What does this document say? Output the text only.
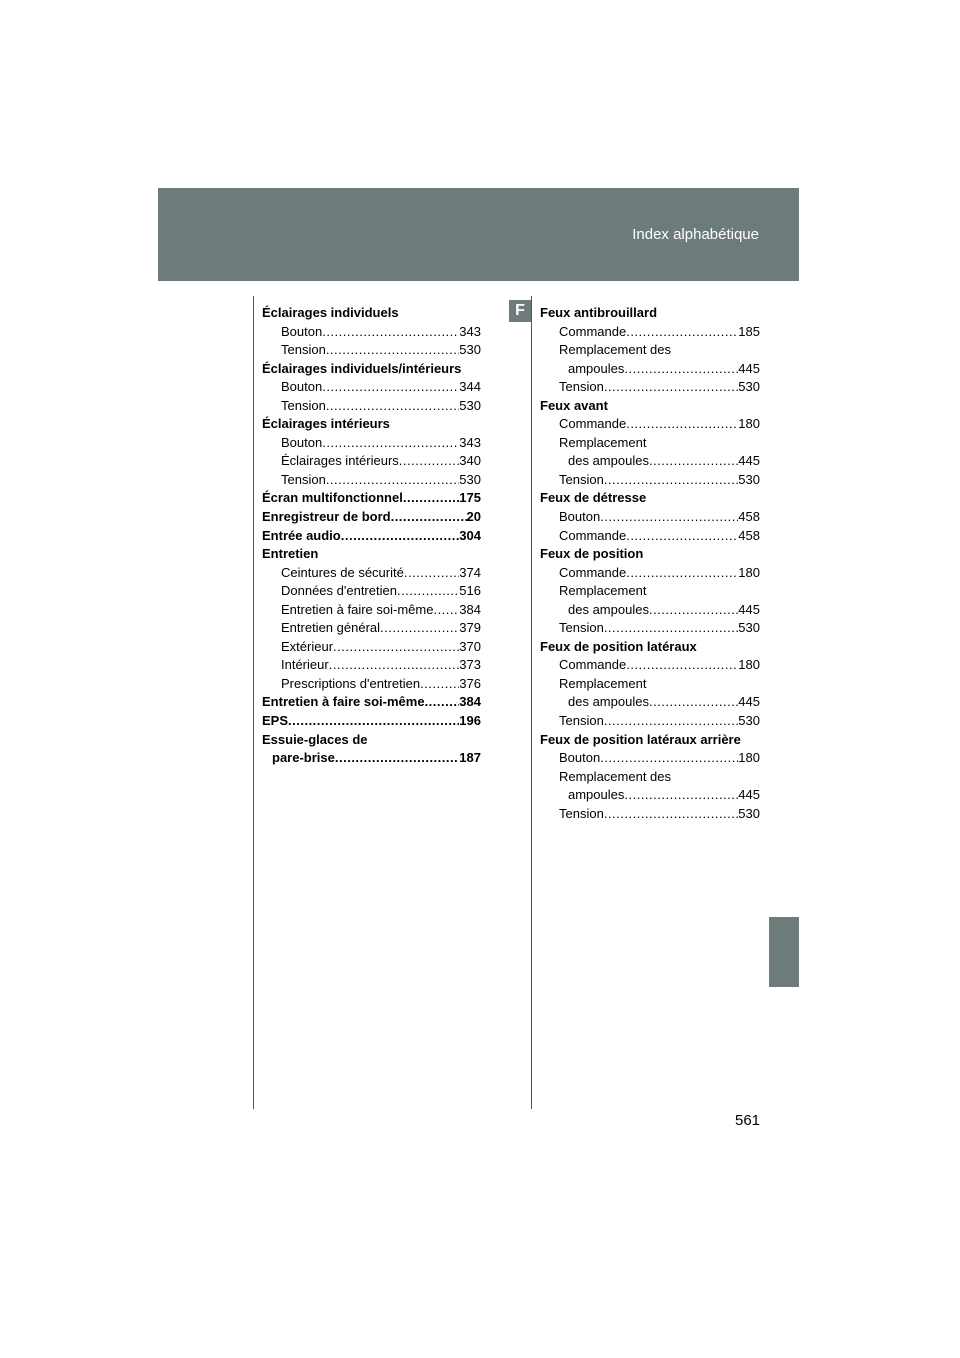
Index alphabétique
F
Éclairages individuels
Bouton .....	343
Tension .....	530
Éclairages individuels/intérieurs
Bouton .....	344
Tension .....	530
Éclairages intérieurs
Bouton .....	343
Éclairages intérieurs .....	340
Tension .....	530
Écran multifonctionnel .....	175
Enregistreur de bord .....	20
Entrée audio .....	304
Entretien
Ceintures de sécurité .....	374
Données d'entretien .....	516
Entretien à faire soi-même ..... 384
Entretien général .....	379
Extérieur .....	370
Intérieur .....	373
Prescriptions d'entretien .....	376
Entretien à faire soi-même .....	384
EPS .....	196
Essuie-glaces de
pare-brise .....	187
Feux antibrouillard
Commande .....	185
Remplacement des
ampoules .....	445
Tension .....	530
Feux avant
Commande .....	180
Remplacement
des ampoules .....	445
Tension .....	530
Feux de détresse
Bouton .....	458
Commande .....	458
Feux de position
Commande .....	180
Remplacement
des ampoules .....	445
Tension .....	530
Feux de position latéraux
Commande .....	180
Remplacement
des ampoules .....	445
Tension .....	530
Feux de position latéraux arrière
Bouton .....	180
Remplacement des
ampoules .....	445
Tension .....	530
561
